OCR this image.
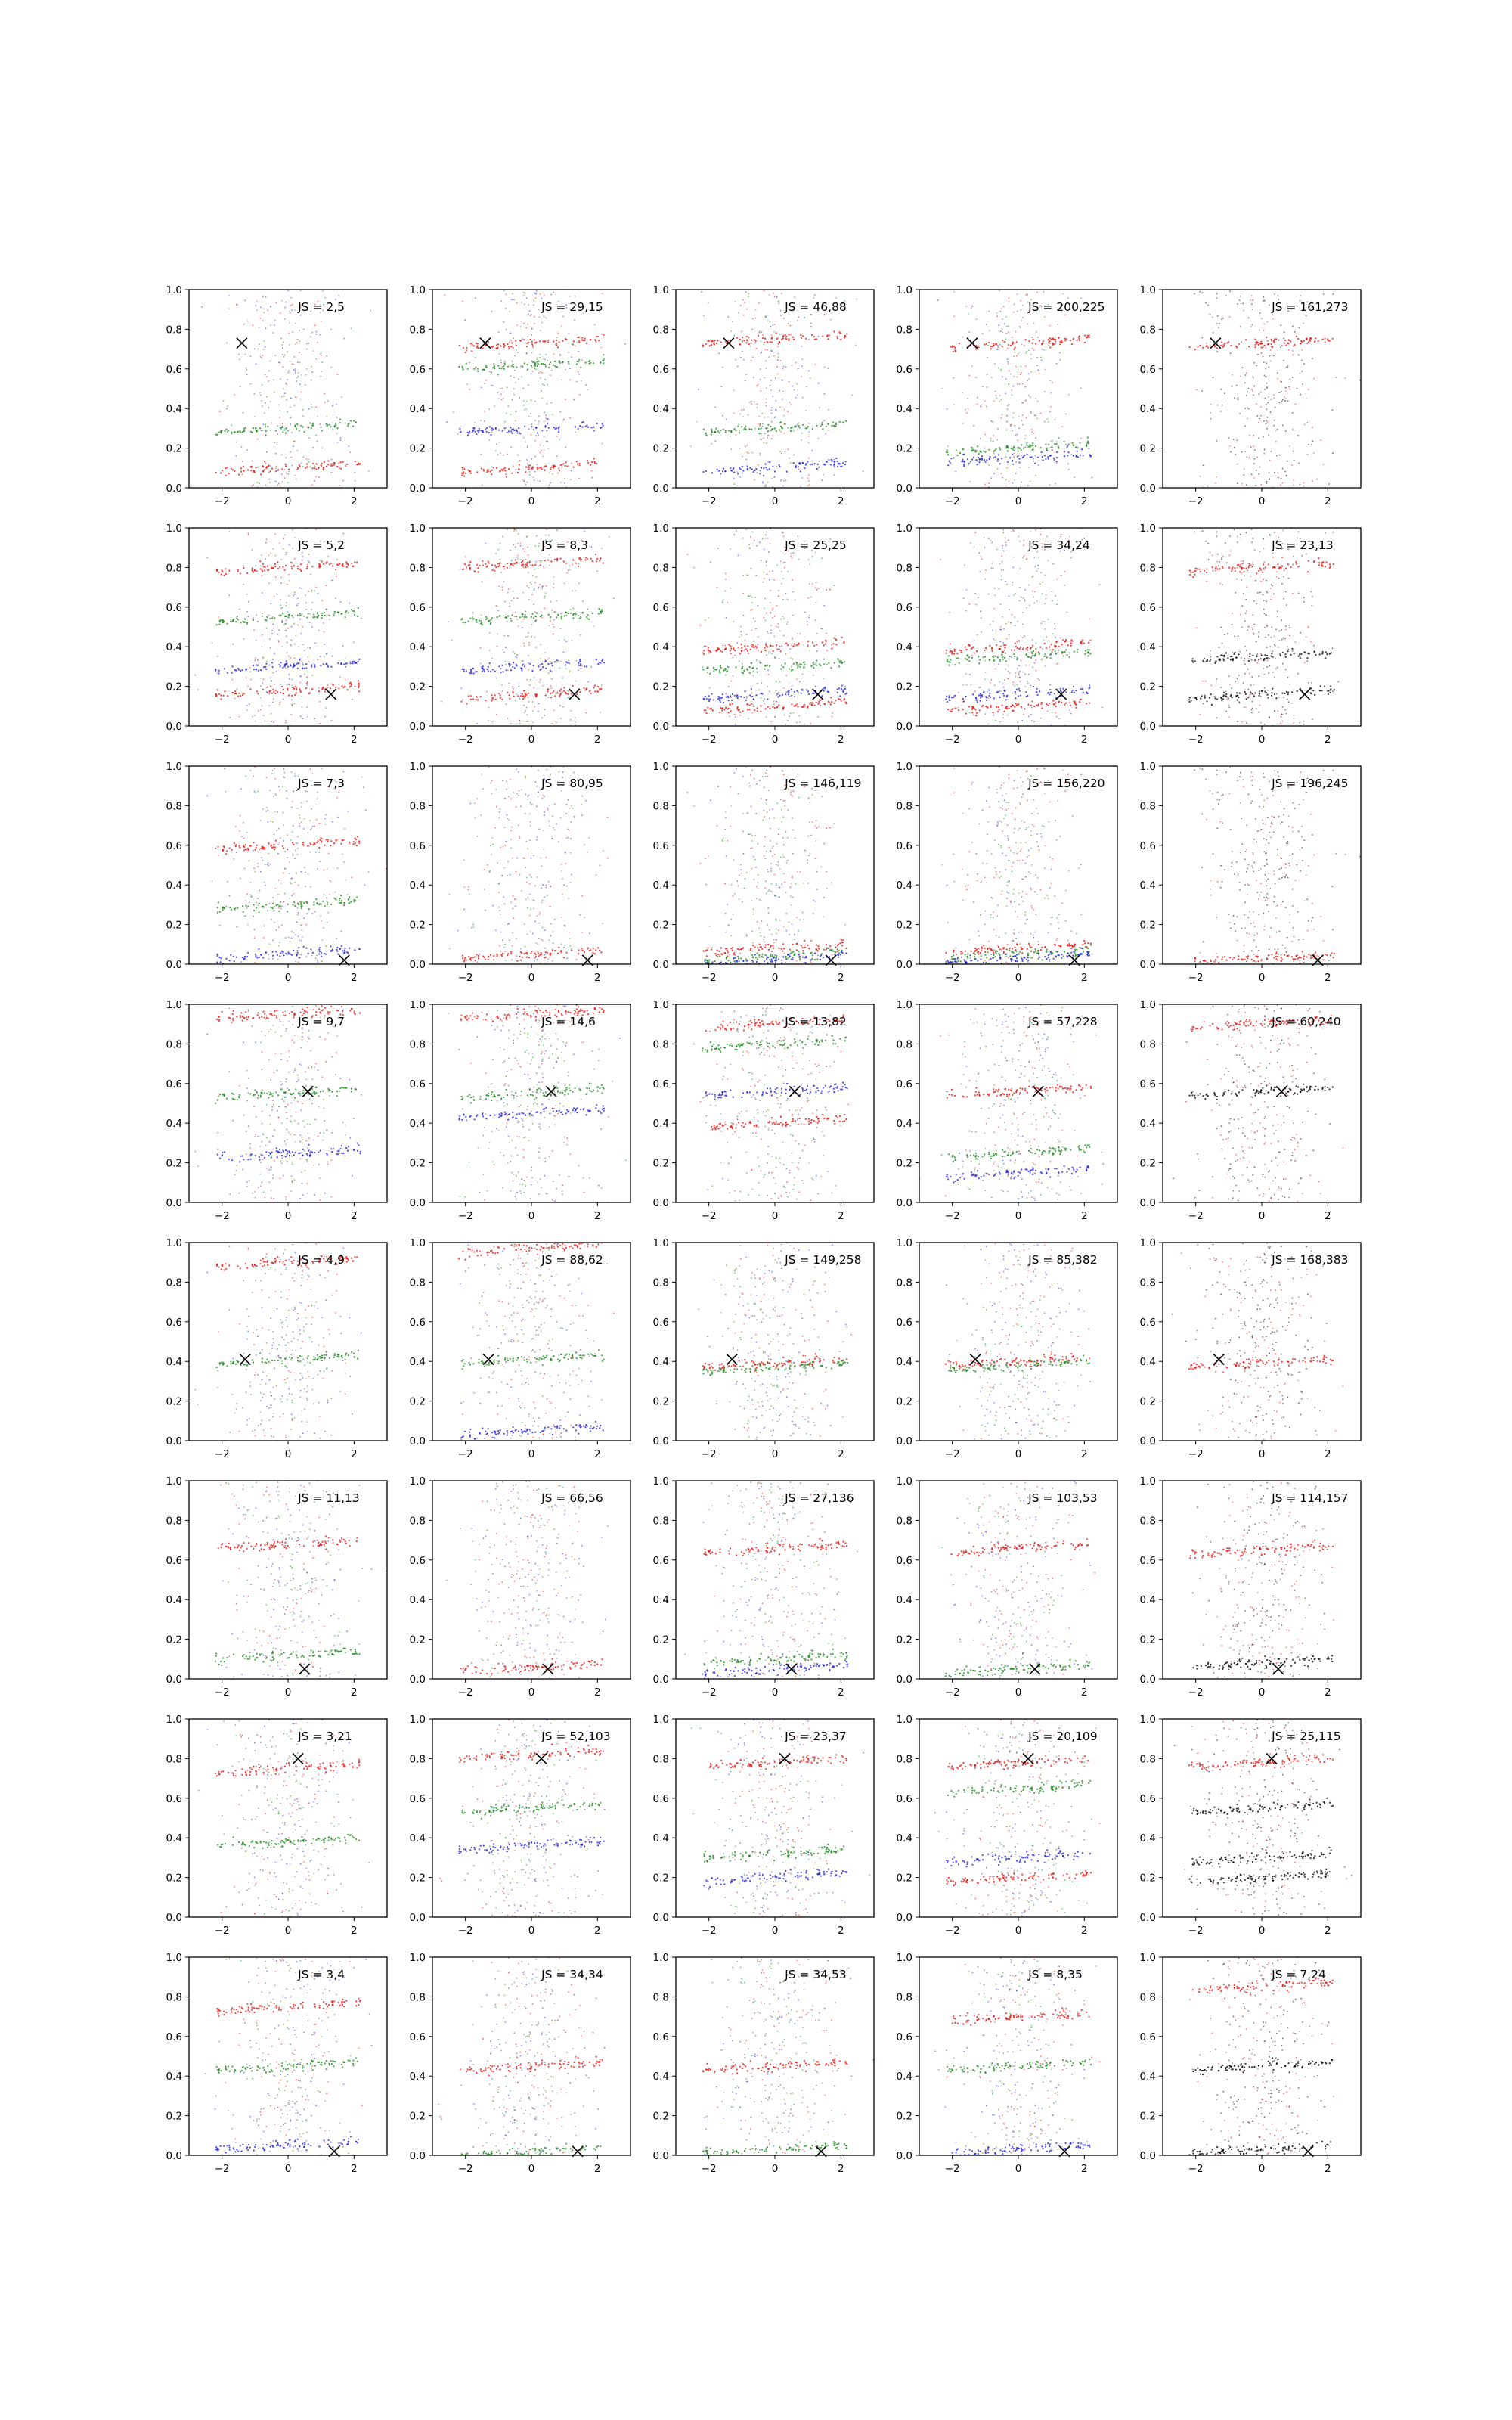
−2	0	2
0.0
0.2
0.4
0.6
0.8
1.0
JS = 2,5
−2	0	2
0.0
0.2
0.4
0.6
0.8
1.0
JS = 29,15
−2	0	2
0.0
0.2
0.4
0.6
0.8
1.0
JS = 46,88
−2	0	2
0.0
0.2
0.4
0.6
0.8
1.0
JS = 200,225
−2	0	2
0.0
0.2
0.4
0.6
0.8
1.0
JS = 161,273
−2	0	2
0.0
0.2
0.4
0.6
0.8
1.0
JS = 5,2
−2	0	2
0.0
0.2
0.4
0.6
0.8
1.0
JS = 8,3
−2	0	2
0.0
0.2
0.4
0.6
0.8
1.0
JS = 25,25
−2	0	2
0.0
0.2
0.4
0.6
0.8
1.0
JS = 34,24
−2	0	2
0.0
0.2
0.4
0.6
0.8
1.0
JS = 23,13
−2	0	2
0.0
0.2
0.4
0.6
0.8
1.0
JS = 7,3
−2	0	2
0.0
0.2
0.4
0.6
0.8
1.0
JS = 80,95
−2	0	2
0.0
0.2
0.4
0.6
0.8
1.0
JS = 146,119
−2	0	2
0.0
0.2
0.4
0.6
0.8
1.0
JS = 156,220
−2	0	2
0.0
0.2
0.4
0.6
0.8
1.0
JS = 196,245
−2	0	2
0.0
0.2
0.4
0.6
0.8
1.0
JS = 9,7
−2	0	2
0.0
0.2
0.4
0.6
0.8
1.0
JS = 14,6
−2	0	2
0.0
0.2
0.4
0.6
0.8
1.0
JS = 13,82
−2	0	2
0.0
0.2
0.4
0.6
0.8
1.0
JS = 57,228
−2	0	2
0.0
0.2
0.4
0.6
0.8
1.0
JS = 60,240
−2	0	2
0.0
0.2
0.4
0.6
0.8
1.0
JS = 4,9
−2	0	2
0.0
0.2
0.4
0.6
0.8
1.0
JS = 88,62
−2	0	2
0.0
0.2
0.4
0.6
0.8
1.0
JS = 149,258
−2	0	2
0.0
0.2
0.4
0.6
0.8
1.0
JS = 85,382
−2	0	2
0.0
0.2
0.4
0.6
0.8
1.0
JS = 168,383
−2	0	2
0.0
0.2
0.4
0.6
0.8
1.0
JS = 11,13
−2	0	2
0.0
0.2
0.4
0.6
0.8
1.0
JS = 66,56
−2	0	2
0.0
0.2
0.4
0.6
0.8
1.0
JS = 27,136
−2	0	2
0.0
0.2
0.4
0.6
0.8
1.0
JS = 103,53
−2	0	2
0.0
0.2
0.4
0.6
0.8
1.0
JS = 114,157
−2	0	2
0.0
0.2
0.4
0.6
0.8
1.0
JS = 3,21
−2	0	2
0.0
0.2
0.4
0.6
0.8
1.0
JS = 52,103
−2	0	2
0.0
0.2
0.4
0.6
0.8
1.0
JS = 23,37
−2	0	2
0.0
0.2
0.4
0.6
0.8
1.0
JS = 20,109
−2	0	2
0.0
0.2
0.4
0.6
0.8
1.0
JS = 25,115
−2	0	2
0.0
0.2
0.4
0.6
0.8
1.0
JS = 3,4
−2	0	2
0.0
0.2
0.4
0.6
0.8
1.0
JS = 34,34
−2	0	2
0.0
0.2
0.4
0.6
0.8
1.0
JS = 34,53
−2	0	2
0.0
0.2
0.4
0.6
0.8
1.0
JS = 8,35
−2	0	2
0.0
0.2
0.4
0.6
0.8
1.0
JS = 7,24
